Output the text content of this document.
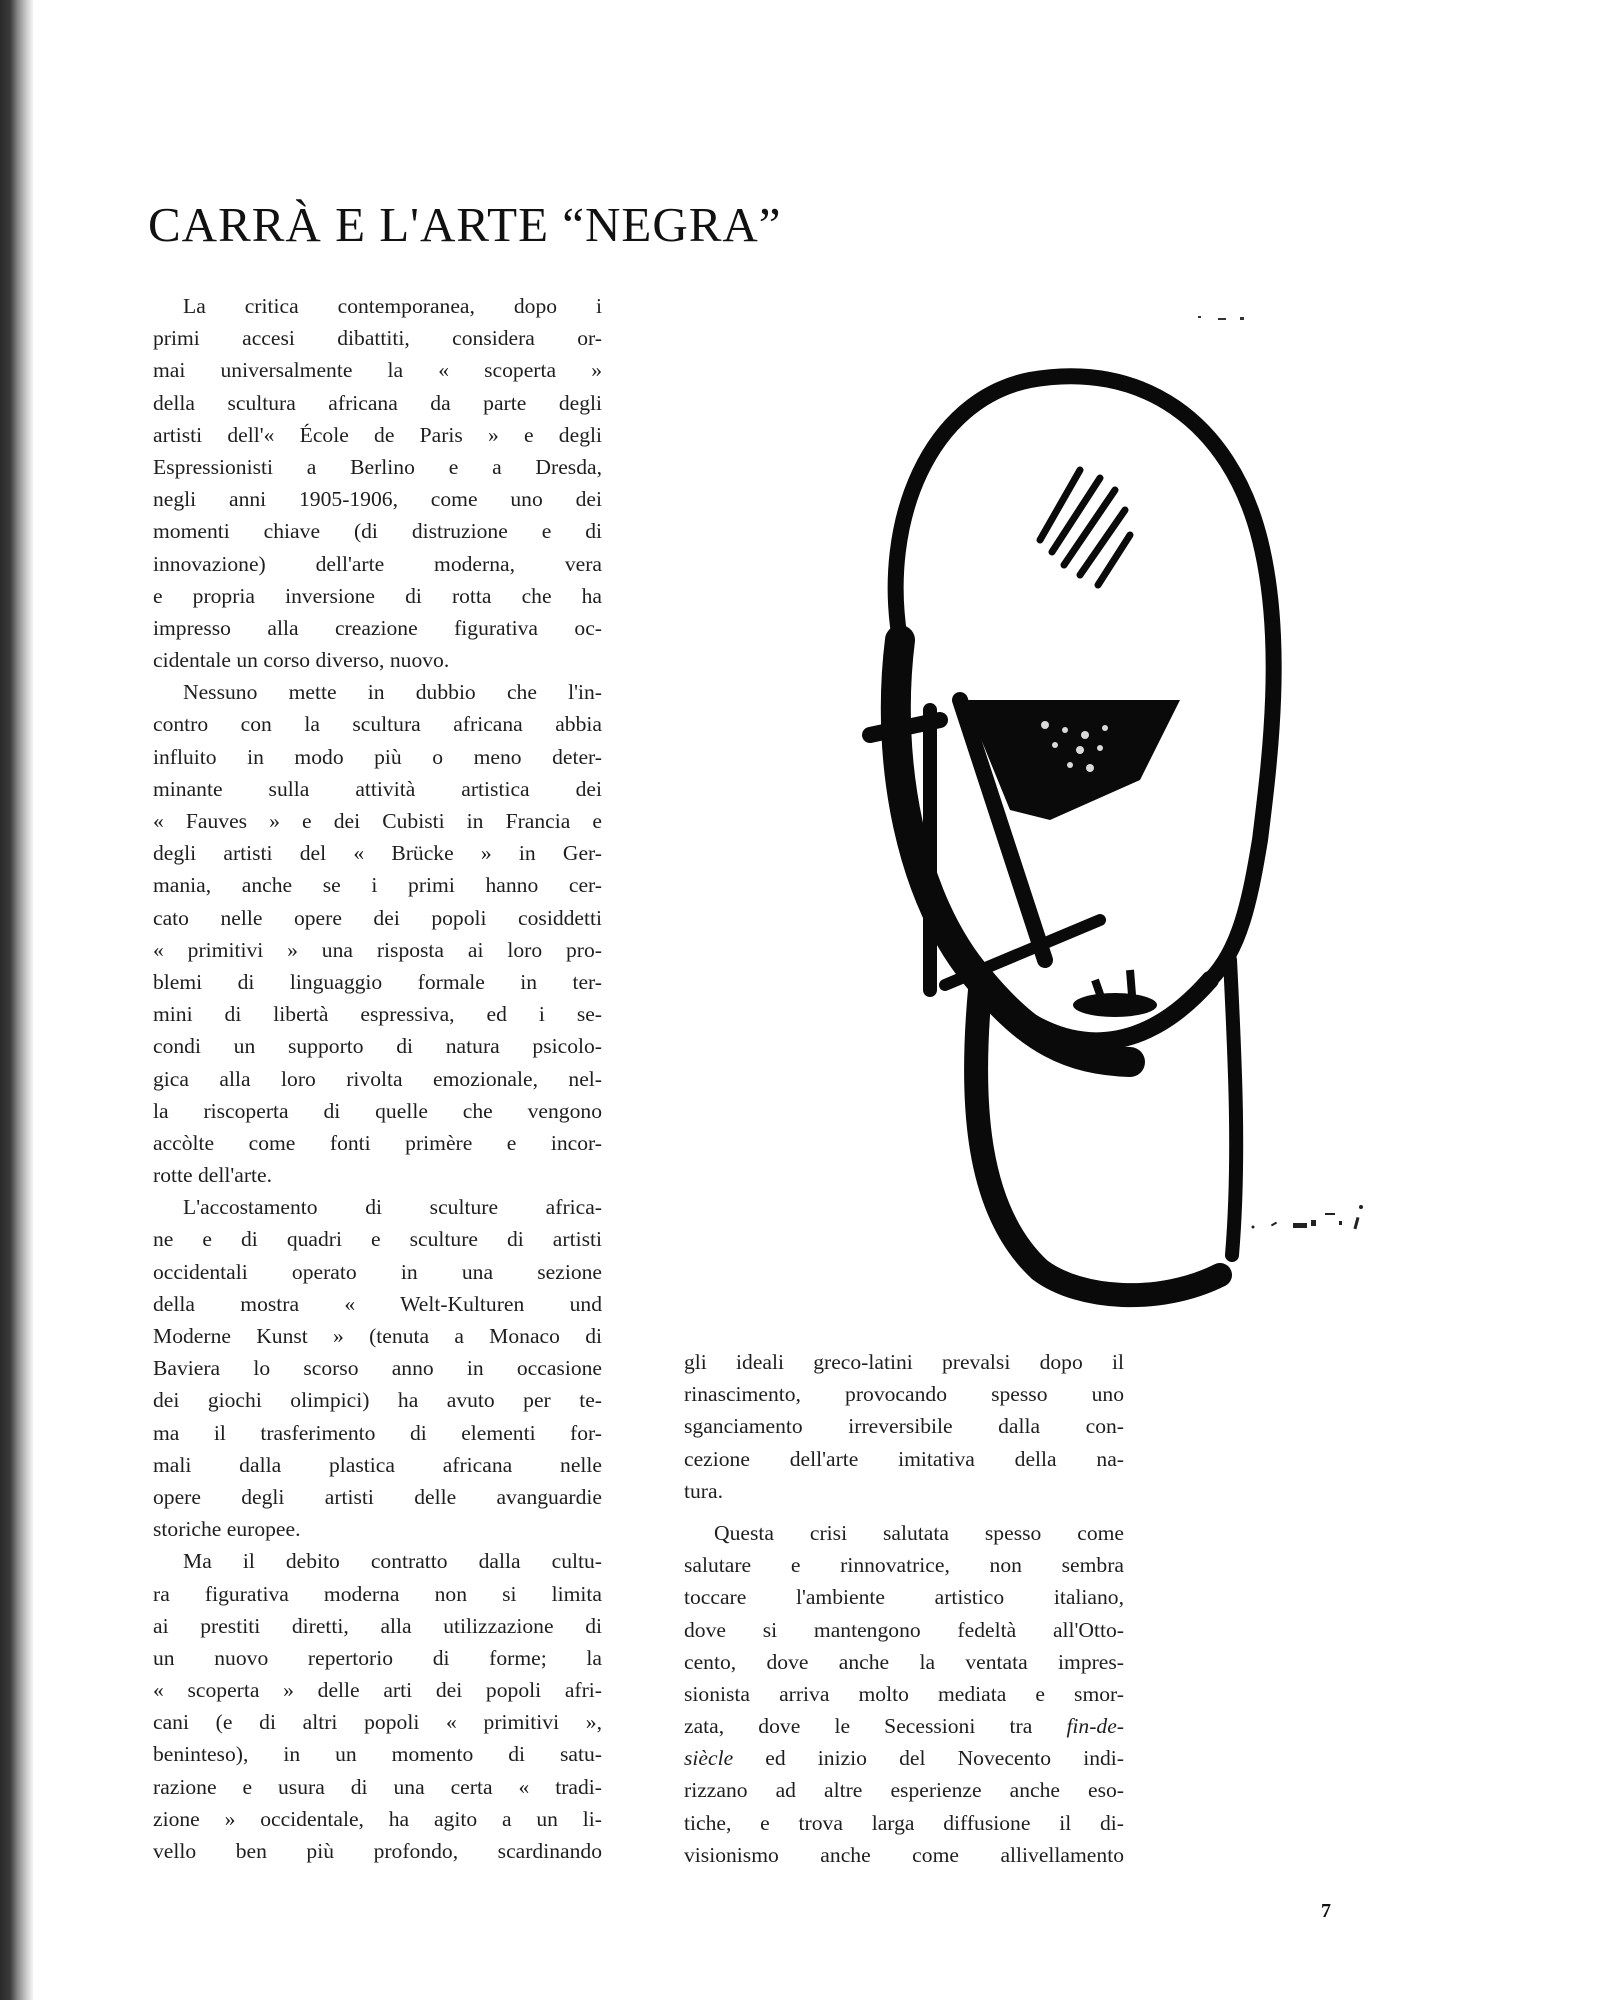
CARRÀ E L'ARTE “NEGRA”
La critica contemporanea, dopo i
primi accesi dibattiti, considera or-
mai universalmente la « scoperta »
della scultura africana da parte degli
artisti dell'« École de Paris » e degli
Espressionisti a Berlino e a Dresda,
negli anni 1905-1906, come uno dei
momenti chiave (di distruzione e di
innovazione) dell'arte moderna, vera
e propria inversione di rotta che ha
impresso alla creazione figurativa oc-
cidentale un corso diverso, nuovo.
Nessuno mette in dubbio che l'in-
contro con la scultura africana abbia
influito in modo più o meno deter-
minante sulla attività artistica dei
« Fauves » e dei Cubisti in Francia e
degli artisti del « Brücke » in Ger-
mania, anche se i primi hanno cer-
cato nelle opere dei popoli cosiddetti
« primitivi » una risposta ai loro pro-
blemi di linguaggio formale in ter-
mini di libertà espressiva, ed i se-
condi un supporto di natura psicolo-
gica alla loro rivolta emozionale, nel-
la riscoperta di quelle che vengono
accòlte come fonti primère e incor-
rotte dell'arte.
L'accostamento di sculture africa-
ne e di quadri e sculture di artisti
occidentali operato in una sezione
della mostra « Welt-Kulturen und
Moderne Kunst » (tenuta a Monaco di
Baviera lo scorso anno in occasione
dei giochi olimpici) ha avuto per te-
ma il trasferimento di elementi for-
mali dalla plastica africana nelle
opere degli artisti delle avanguardie
storiche europee.
Ma il debito contratto dalla cultu-
ra figurativa moderna non si limita
ai prestiti diretti, alla utilizzazione di
un nuovo repertorio di forme; la
« scoperta » delle arti dei popoli afri-
cani (e di altri popoli « primitivi »,
beninteso), in un momento di satu-
razione e usura di una certa « tradi-
zione » occidentale, ha agito a un li-
vello ben più profondo, scardinando
gli ideali greco-latini prevalsi dopo il
rinascimento, provocando spesso uno
sganciamento irreversibile dalla con-
cezione dell'arte imitativa della na-
tura.
Questa crisi salutata spesso come
salutare e rinnovatrice, non sembra
toccare l'ambiente artistico italiano,
dove si mantengono fedeltà all'Otto-
cento, dove anche la ventata impres-
sionista arriva molto mediata e smor-
zata, dove le Secessioni tra fin-de-
siècle ed inizio del Novecento indi-
rizzano ad altre esperienze anche eso-
tiche, e trova larga diffusione il di-
visionismo anche come allivellamento
7
